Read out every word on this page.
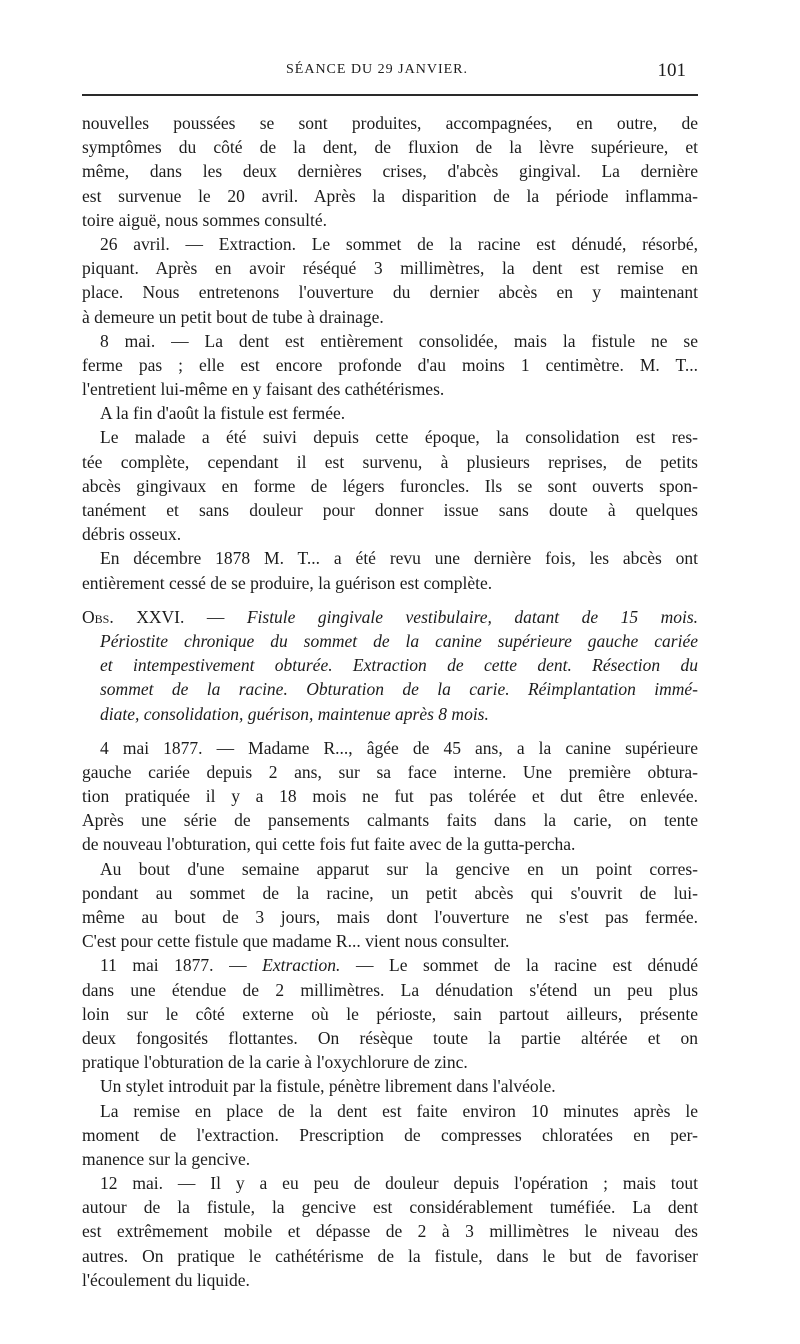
SÉANCE DU 29 JANVIER.	101
nouvelles poussées se sont produites, accompagnées, en outre, de
symptômes du côté de la dent, de fluxion de la lèvre supérieure, et
même, dans les deux dernières crises, d'abcès gingival. La dernière
est survenue le 20 avril. Après la disparition de la période inflamma-
toire aiguë, nous sommes consulté.
26 avril. — Extraction. Le sommet de la racine est dénudé, résorbé,
piquant. Après en avoir réséqué 3 millimètres, la dent est remise en
place. Nous entretenons l'ouverture du dernier abcès en y maintenant
à demeure un petit bout de tube à drainage.
8 mai. — La dent est entièrement consolidée, mais la fistule ne se
ferme pas ; elle est encore profonde d'au moins 1 centimètre. M. T...
l'entretient lui-même en y faisant des cathétérismes.
A la fin d'août la fistule est fermée.
Le malade a été suivi depuis cette époque, la consolidation est res-
tée complète, cependant il est survenu, à plusieurs reprises, de petits
abcès gingivaux en forme de légers furoncles. Ils se sont ouverts spon-
tanément et sans douleur pour donner issue sans doute à quelques
débris osseux.
En décembre 1878 M. T... a été revu une dernière fois, les abcès ont
entièrement cessé de se produire, la guérison est complète.
Obs. XXVI. — Fistule gingivale vestibulaire, datant de 15 mois.
Périostite chronique du sommet de la canine supérieure gauche cariée
et intempestivement obturée. Extraction de cette dent. Résection du
sommet de la racine. Obturation de la carie. Réimplantation immé-
diate, consolidation, guérison, maintenue après 8 mois.
4 mai 1877. — Madame R..., âgée de 45 ans, a la canine supérieure
gauche cariée depuis 2 ans, sur sa face interne. Une première obtura-
tion pratiquée il y a 18 mois ne fut pas tolérée et dut être enlevée.
Après une série de pansements calmants faits dans la carie, on tente
de nouveau l'obturation, qui cette fois fut faite avec de la gutta-percha.
Au bout d'une semaine apparut sur la gencive en un point corres-
pondant au sommet de la racine, un petit abcès qui s'ouvrit de lui-
même au bout de 3 jours, mais dont l'ouverture ne s'est pas fermée.
C'est pour cette fistule que madame R... vient nous consulter.
11 mai 1877. — Extraction. — Le sommet de la racine est dénudé
dans une étendue de 2 millimètres. La dénudation s'étend un peu plus
loin sur le côté externe où le périoste, sain partout ailleurs, présente
deux fongosités flottantes. On résèque toute la partie altérée et on
pratique l'obturation de la carie à l'oxychlorure de zinc.
Un stylet introduit par la fistule, pénètre librement dans l'alvéole.
La remise en place de la dent est faite environ 10 minutes après le
moment de l'extraction. Prescription de compresses chloratées en per-
manence sur la gencive.
12 mai. — Il y a eu peu de douleur depuis l'opération ; mais tout
autour de la fistule, la gencive est considérablement tuméfiée. La dent
est extrêmement mobile et dépasse de 2 à 3 millimètres le niveau des
autres. On pratique le cathétérisme de la fistule, dans le but de favoriser
l'écoulement du liquide.
